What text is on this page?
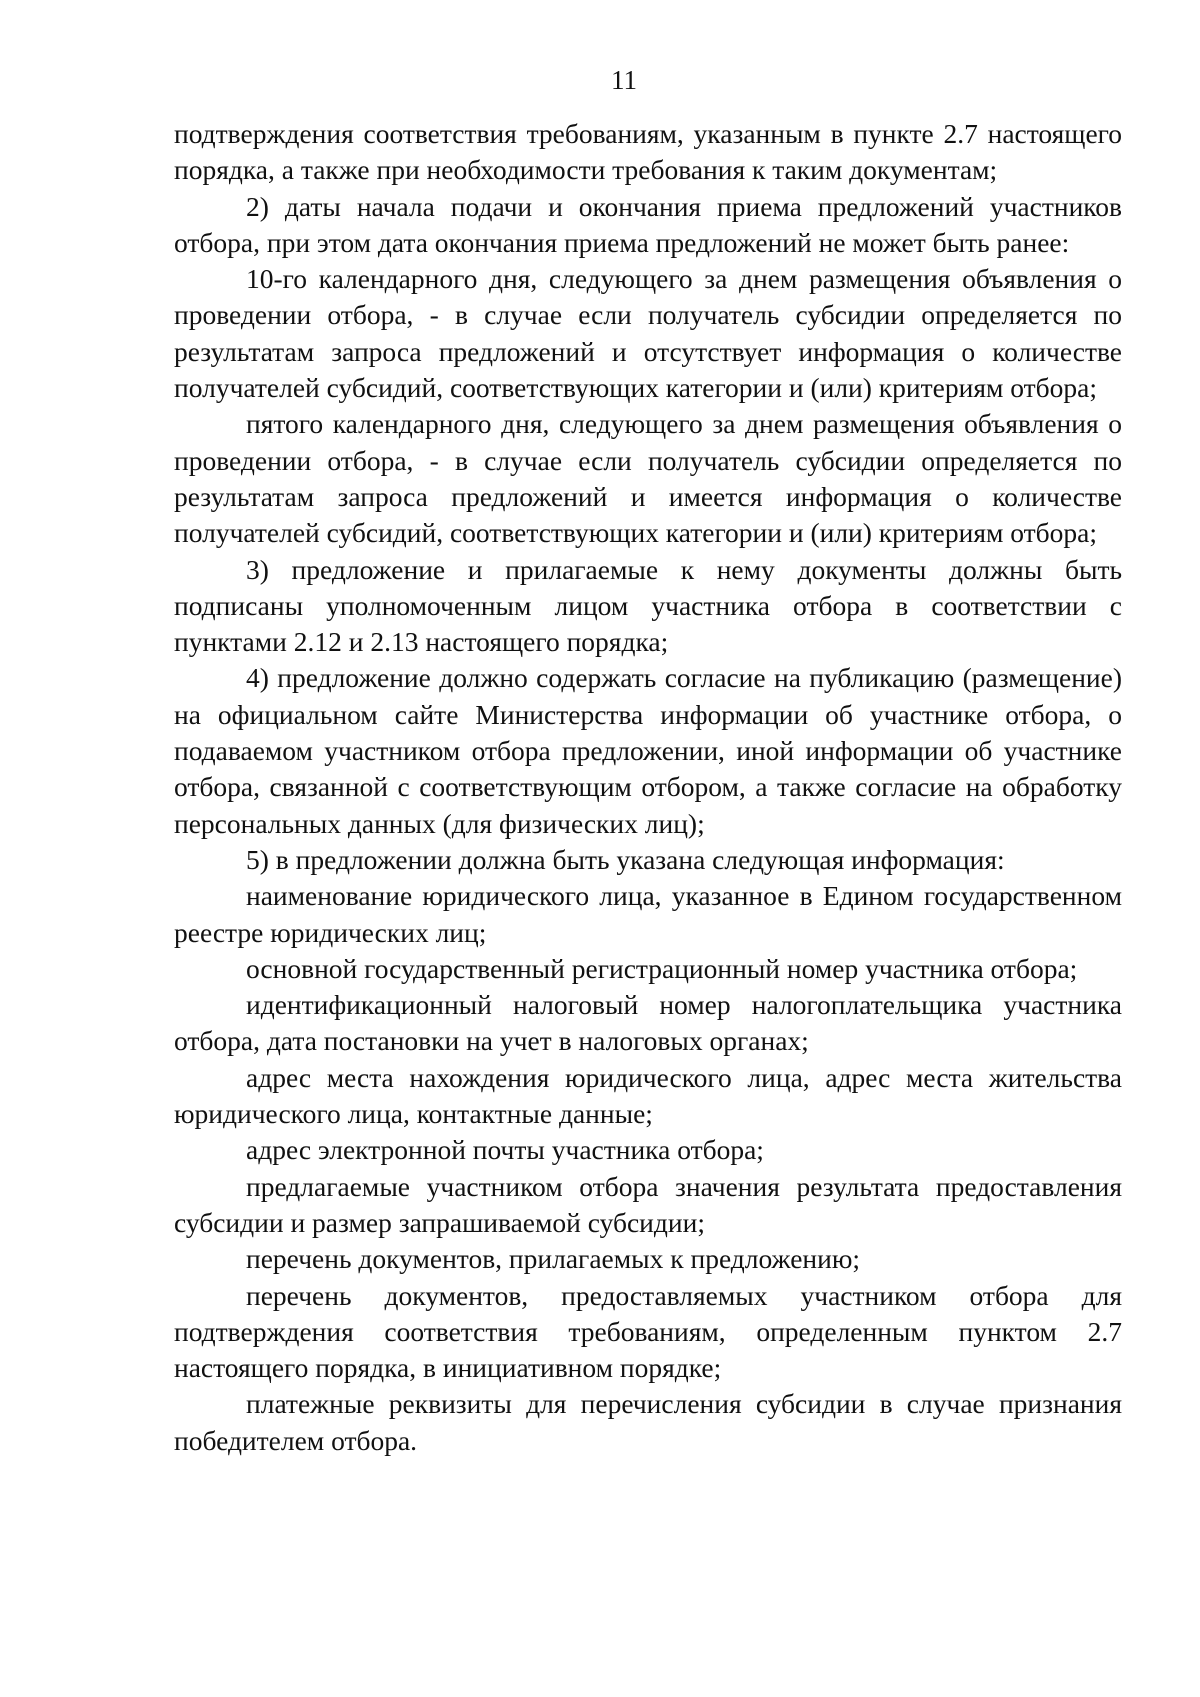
11

подтверждения соответствия требованиям, указанным в пункте 2.7 настоящего порядка, а также при необходимости требования к таким документам;

2) даты начала подачи и окончания приема предложений участников отбора, при этом дата окончания приема предложений не может быть ранее:

10-го календарного дня, следующего за днем размещения объявления о проведении отбора, - в случае если получатель субсидии определяется по результатам запроса предложений и отсутствует информация о количестве получателей субсидий, соответствующих категории и (или) критериям отбора;

пятого календарного дня, следующего за днем размещения объявления о проведении отбора, - в случае если получатель субсидии определяется по результатам запроса предложений и имеется информация о количестве получателей субсидий, соответствующих категории и (или) критериям отбора;

3) предложение и прилагаемые к нему документы должны быть подписаны уполномоченным лицом участника отбора в соответствии с пунктами 2.12 и 2.13 настоящего порядка;

4) предложение должно содержать согласие на публикацию (размещение) на официальном сайте Министерства информации об участнике отбора, о подаваемом участником отбора предложении, иной информации об участнике отбора, связанной с соответствующим отбором, а также согласие на обработку персональных данных (для физических лиц);

5) в предложении должна быть указана следующая информация:

наименование юридического лица, указанное в Едином государственном реестре юридических лиц;

основной государственный регистрационный номер участника отбора;

идентификационный налоговый номер налогоплательщика участника отбора, дата постановки на учет в налоговых органах;

адрес места нахождения юридического лица, адрес места жительства юридического лица, контактные данные;

адрес электронной почты участника отбора;

предлагаемые участником отбора значения результата предоставления субсидии и размер запрашиваемой субсидии;

перечень документов, прилагаемых к предложению;

перечень документов, предоставляемых участником отбора для подтверждения соответствия требованиям, определенным пунктом 2.7 настоящего порядка, в инициативном порядке;

платежные реквизиты для перечисления субсидии в случае признания победителем отбора.
